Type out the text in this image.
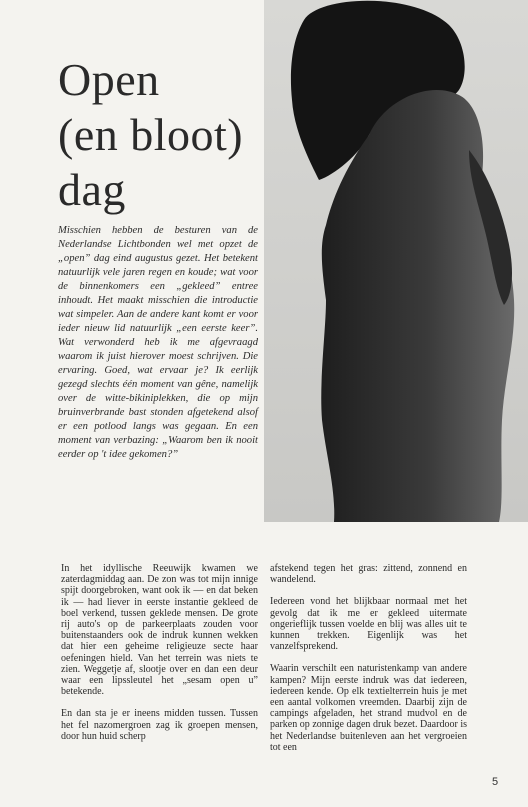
Open
(en bloot)
dag
Misschien hebben de besturen van de Nederlandse Lichtbonden wel met opzet de „open” dag eind augustus gezet. Het betekent natuurlijk vele jaren regen en koude; wat voor de binnenkomers een „gekleed” entree inhoudt. Het maakt misschien die introductie wat simpeler. Aan de andere kant komt er voor ieder nieuw lid natuurlijk „een eerste keer”. Wat verwonderd heb ik me afgevraagd waarom ik juist hierover moest schrijven. Die ervaring. Goed, wat ervaar je? Ik eerlijk gezegd slechts één moment van gêne, namelijk over de witte-bikiniplekken, die op mijn bruinverbrande bast stonden afgetekend alsof er een potlood langs was gegaan. En een moment van verbazing: „Waarom ben ik nooit eerder op 't idee gekomen?”

In het idyllische Reeuwijk kwamen we zaterdagmiddag aan. De zon was tot mijn innige spijt doorgebroken, want ook ik — en dat beken ik — had liever in eerste instantie gekleed de boel verkend, tussen geklede mensen. De grote rij auto's op de parkeerplaats zouden voor buitenstaanders ook de indruk kunnen wekken dat hier een geheime religieuze secte haar oefeningen hield. Van het terrein was niets te zien. Weggetje af, slootje over en dan een deur waar een lipssleutel het „sesam open u” betekende.

En dan sta je er ineens midden tussen. Tussen het fel nazomergroen zag ik groepen mensen, door hun huid scherp

afstekend tegen het gras: zittend, zonnend en wandelend.

Iedereen vond het blijkbaar normaal met het gevolg dat ik me er gekleed uitermate ongerieflijk tussen voelde en blij was alles uit te kunnen trekken. Eigenlijk was het vanzelfsprekend.

Waarin verschilt een naturistenkamp van andere kampen? Mijn eerste indruk was dat iedereen, iedereen kende. Op elk textielterrein huis je met een aantal volkomen vreemden. Daarbij zijn de campings afgeladen, het strand mudvol en de parken op zonnige dagen druk bezet. Daardoor is het Nederlandse buitenleven aan het vergroeien tot een

5
